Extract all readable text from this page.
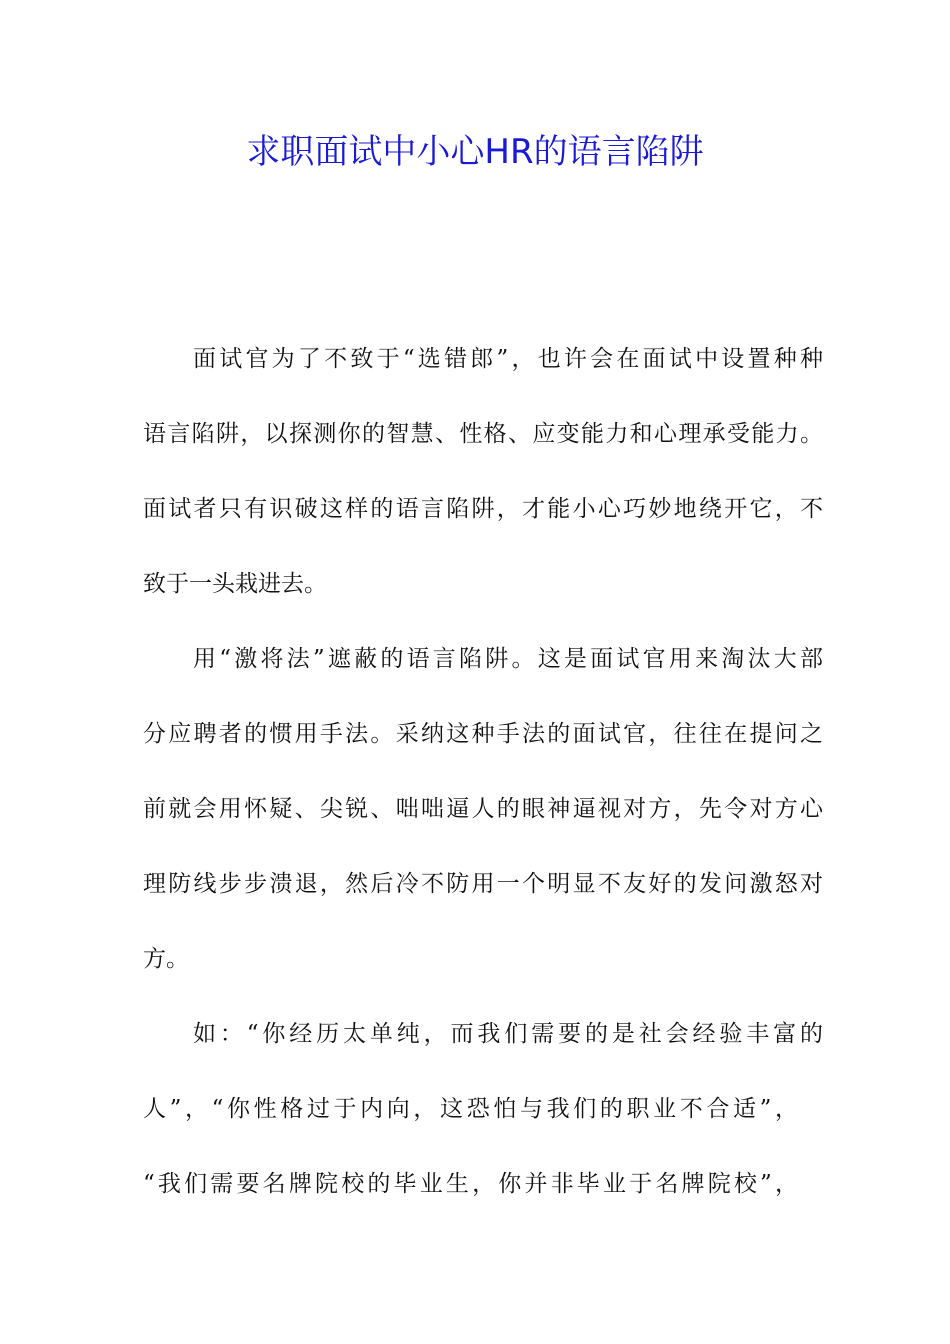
求职面试中小心HR的语言陷阱

面试官为了不致于“选错郎”，也许会在面试中设置种种

语言陷阱，以探测你的智慧、性格、应变能力和心理承受能力。

面试者只有识破这样的语言陷阱，才能小心巧妙地绕开它，不

致于一头栽进去。

用“激将法”遮蔽的语言陷阱。这是面试官用来淘汰大部

分应聘者的惯用手法。采纳这种手法的面试官，往往在提问之

前就会用怀疑、尖锐、咄咄逼人的眼神逼视对方，先令对方心

理防线步步溃退，然后冷不防用一个明显不友好的发问激怒对

方。

如：“你经历太单纯，而我们需要的是社会经验丰富的

人”，“你性格过于内向，这恐怕与我们的职业不合适”，

“我们需要名牌院校的毕业生，你并非毕业于名牌院校”，
